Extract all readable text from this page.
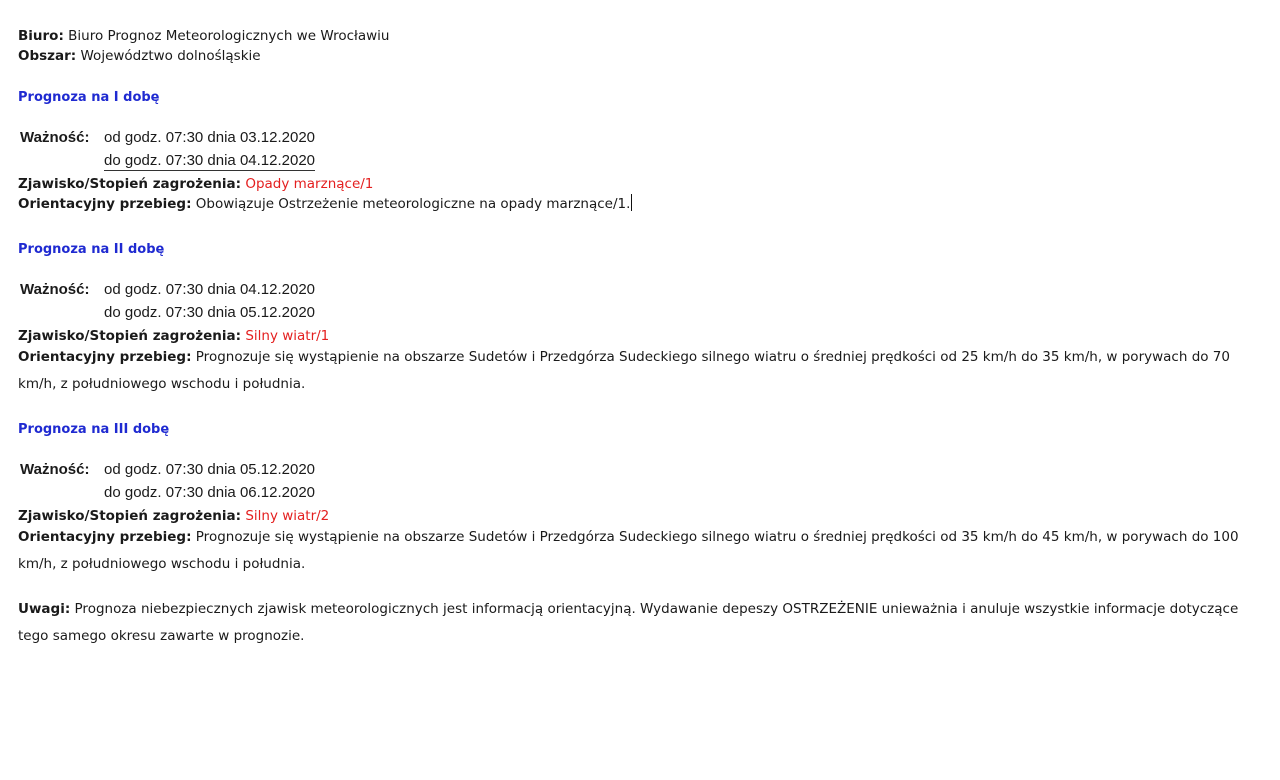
Biuro: Biuro Prognoz Meteorologicznych we Wrocławiu
Obszar: Województwo dolnośląskie
Prognoza na I dobę
Ważność: od godz. 07:30 dnia 03.12.2020
do godz. 07:30 dnia 04.12.2020
Zjawisko/Stopień zagrożenia: Opady marznące/1
Orientacyjny przebieg: Obowiązuje Ostrzeżenie meteorologiczne na opady marznące/1.
Prognoza na II dobę
Ważność: od godz. 07:30 dnia 04.12.2020
do godz. 07:30 dnia 05.12.2020
Zjawisko/Stopień zagrożenia: Silny wiatr/1
Orientacyjny przebieg: Prognozuje się wystąpienie na obszarze Sudetów i Przedgórza Sudeckiego silnego wiatru o średniej prędkości od 25 km/h do 35 km/h, w porywach do 70 km/h, z południowego wschodu i południa.
Prognoza na III dobę
Ważność: od godz. 07:30 dnia 05.12.2020
do godz. 07:30 dnia 06.12.2020
Zjawisko/Stopień zagrożenia: Silny wiatr/2
Orientacyjny przebieg: Prognozuje się wystąpienie na obszarze Sudetów i Przedgórza Sudeckiego silnego wiatru o średniej prędkości od 35 km/h do 45 km/h, w porywach do 100 km/h, z południowego wschodu i południa.
Uwagi: Prognoza niebezpiecznych zjawisk meteorologicznych jest informacją orientacyjną. Wydawanie depeszy OSTRZEŻENIE unieważnia i anuluje wszystkie informacje dotyczące tego samego okresu zawarte w prognozie.
